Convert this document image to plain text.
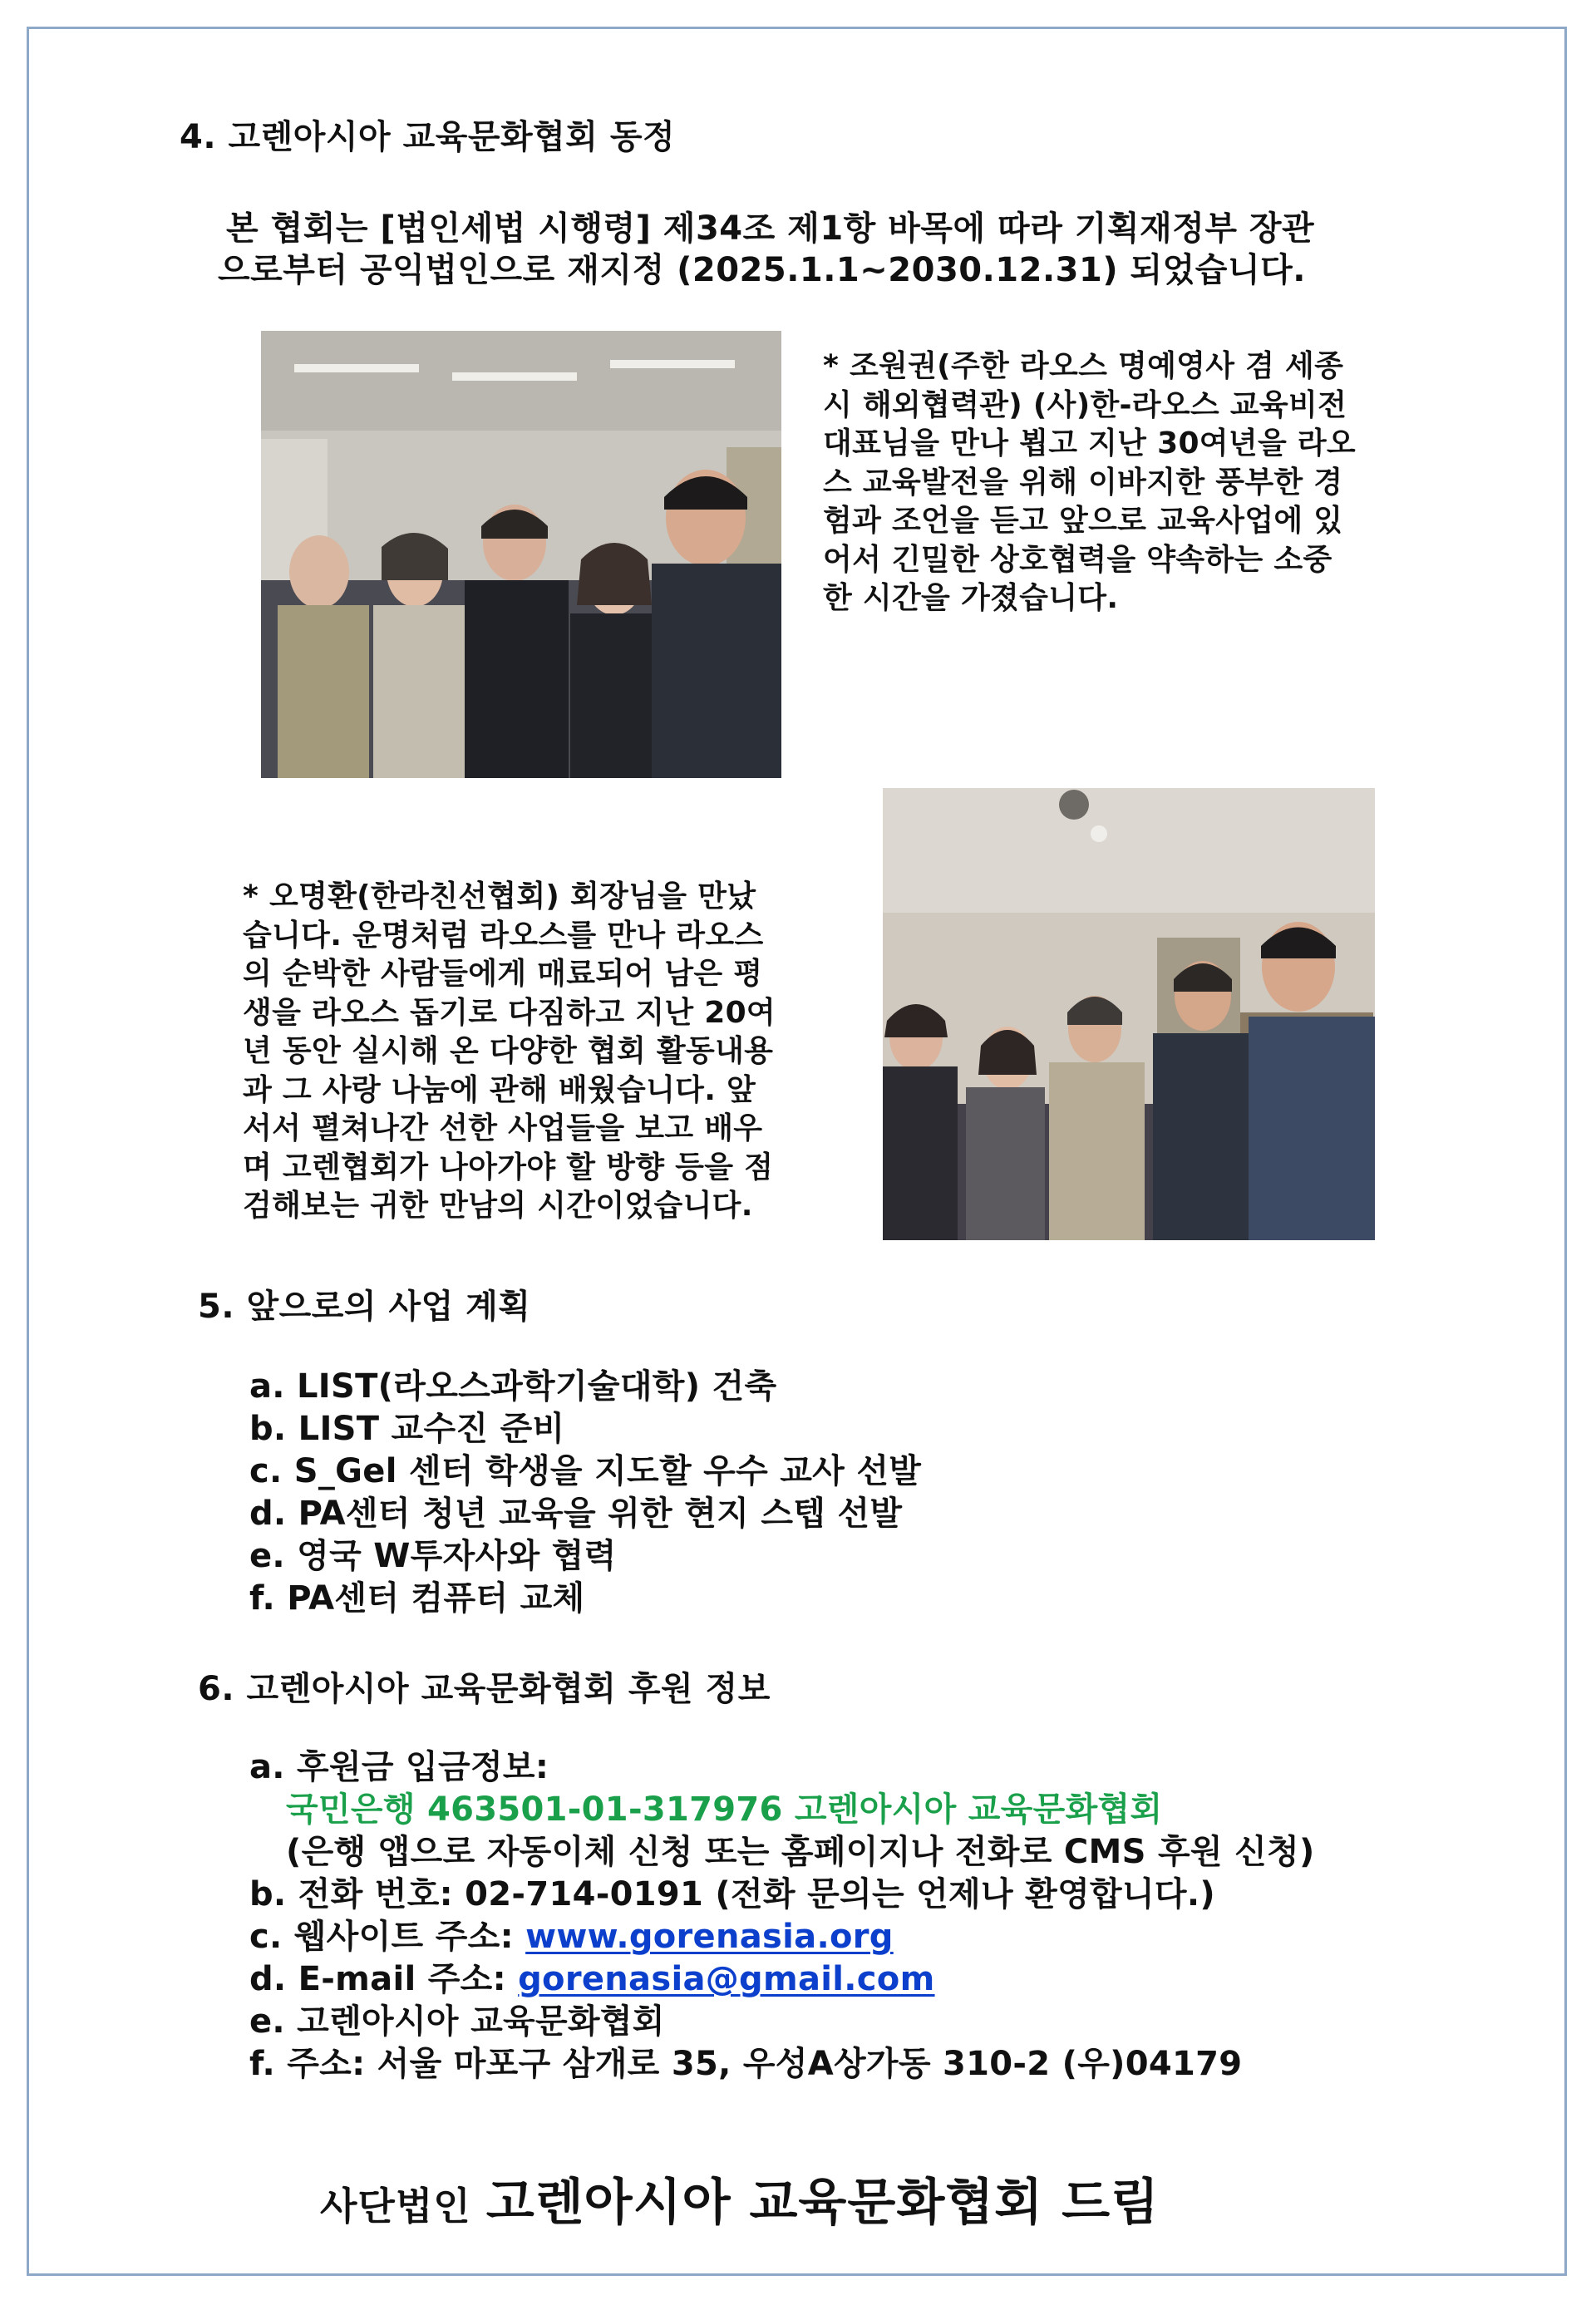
4. 고렌아시아 교육문화협회 동정
본 협회는 [법인세법 시행령] 제34조 제1항 바목에 따라 기획재정부 장관
으로부터 공익법인으로 재지정 (2025.1.1~2030.12.31) 되었습니다.
* 조원권(주한 라오스 명예영사 겸 세종
시 해외협력관) (사)한-라오스 교육비전
대표님을 만나 뵙고 지난 30여년을 라오
스 교육발전을 위해 이바지한 풍부한 경
험과 조언을 듣고 앞으로 교육사업에 있
어서 긴밀한 상호협력을 약속하는 소중
한 시간을 가졌습니다.
* 오명환(한라친선협회) 회장님을 만났
습니다. 운명처럼 라오스를 만나 라오스
의 순박한 사람들에게 매료되어 남은 평
생을 라오스 돕기로 다짐하고 지난 20여
년 동안 실시해 온 다양한 협회 활동내용
과 그 사랑 나눔에 관해 배웠습니다. 앞
서서 펼쳐나간 선한 사업들을 보고 배우
며 고렌협회가 나아가야 할 방향 등을 점
검해보는 귀한 만남의 시간이었습니다.
5. 앞으로의 사업 계획
a. LIST(라오스과학기술대학) 건축
b. LIST 교수진 준비
c. S_Gel 센터 학생을 지도할 우수 교사 선발
d. PA센터 청년 교육을 위한 현지 스텝 선발
e. 영국 W투자사와 협력
f. PA센터 컴퓨터 교체
6. 고렌아시아 교육문화협회 후원 정보
a. 후원금 입금정보:
국민은행 463501-01-317976 고렌아시아 교육문화협회
(은행 앱으로 자동이체 신청 또는 홈페이지나 전화로 CMS 후원 신청)
b. 전화 번호: 02-714-0191 (전화 문의는 언제나 환영합니다.)
c. 웹사이트 주소: www.gorenasia.org
d. E-mail 주소: gorenasia@gmail.com
e. 고렌아시아 교육문화협회
f. 주소: 서울 마포구 삼개로 35, 우성A상가동 310-2 (우)04179
사단법인 고렌아시아 교육문화협회 드림
